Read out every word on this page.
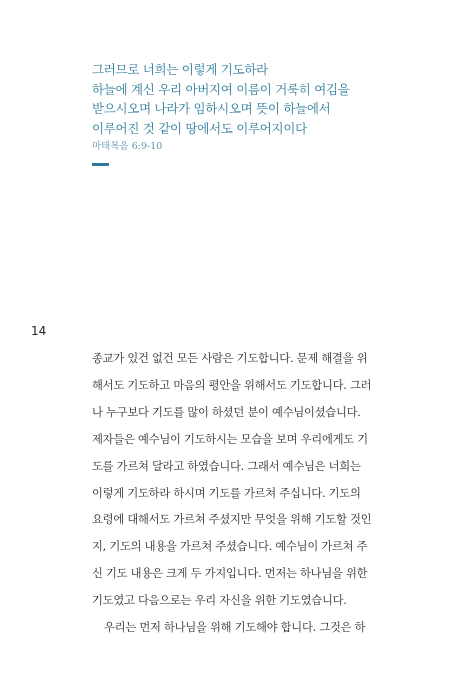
그러므로 너희는 이렇게 기도하라
하늘에 계신 우리 아버지여 이름이 거룩히 여김을
받으시오며 나라가 임하시오며 뜻이 하늘에서
이루어진 것 같이 땅에서도 이루어지이다
마태복음 6:9-10
14
종교가 있건 없건 모든 사람은 기도합니다. 문제 해결을 위
해서도 기도하고 마음의 평안을 위해서도 기도합니다. 그러
나 누구보다 기도를 많이 하셨던 분이 예수님이셨습니다.
제자들은 예수님이 기도하시는 모습을 보며 우리에게도 기
도를 가르쳐 달라고 하였습니다. 그래서 예수님은 너희는
이렇게 기도하라 하시며 기도를 가르쳐 주십니다. 기도의
요령에 대해서도 가르쳐 주셨지만 무엇을 위해 기도할 것인
지, 기도의 내용을 가르쳐 주셨습니다. 예수님이 가르쳐 주
신 기도 내용은 크게 두 가지입니다. 먼저는 하나님을 위한
기도였고 다음으로는 우리 자신을 위한 기도였습니다.
우리는 먼저 하나님을 위해 기도해야 합니다. 그것은 하
